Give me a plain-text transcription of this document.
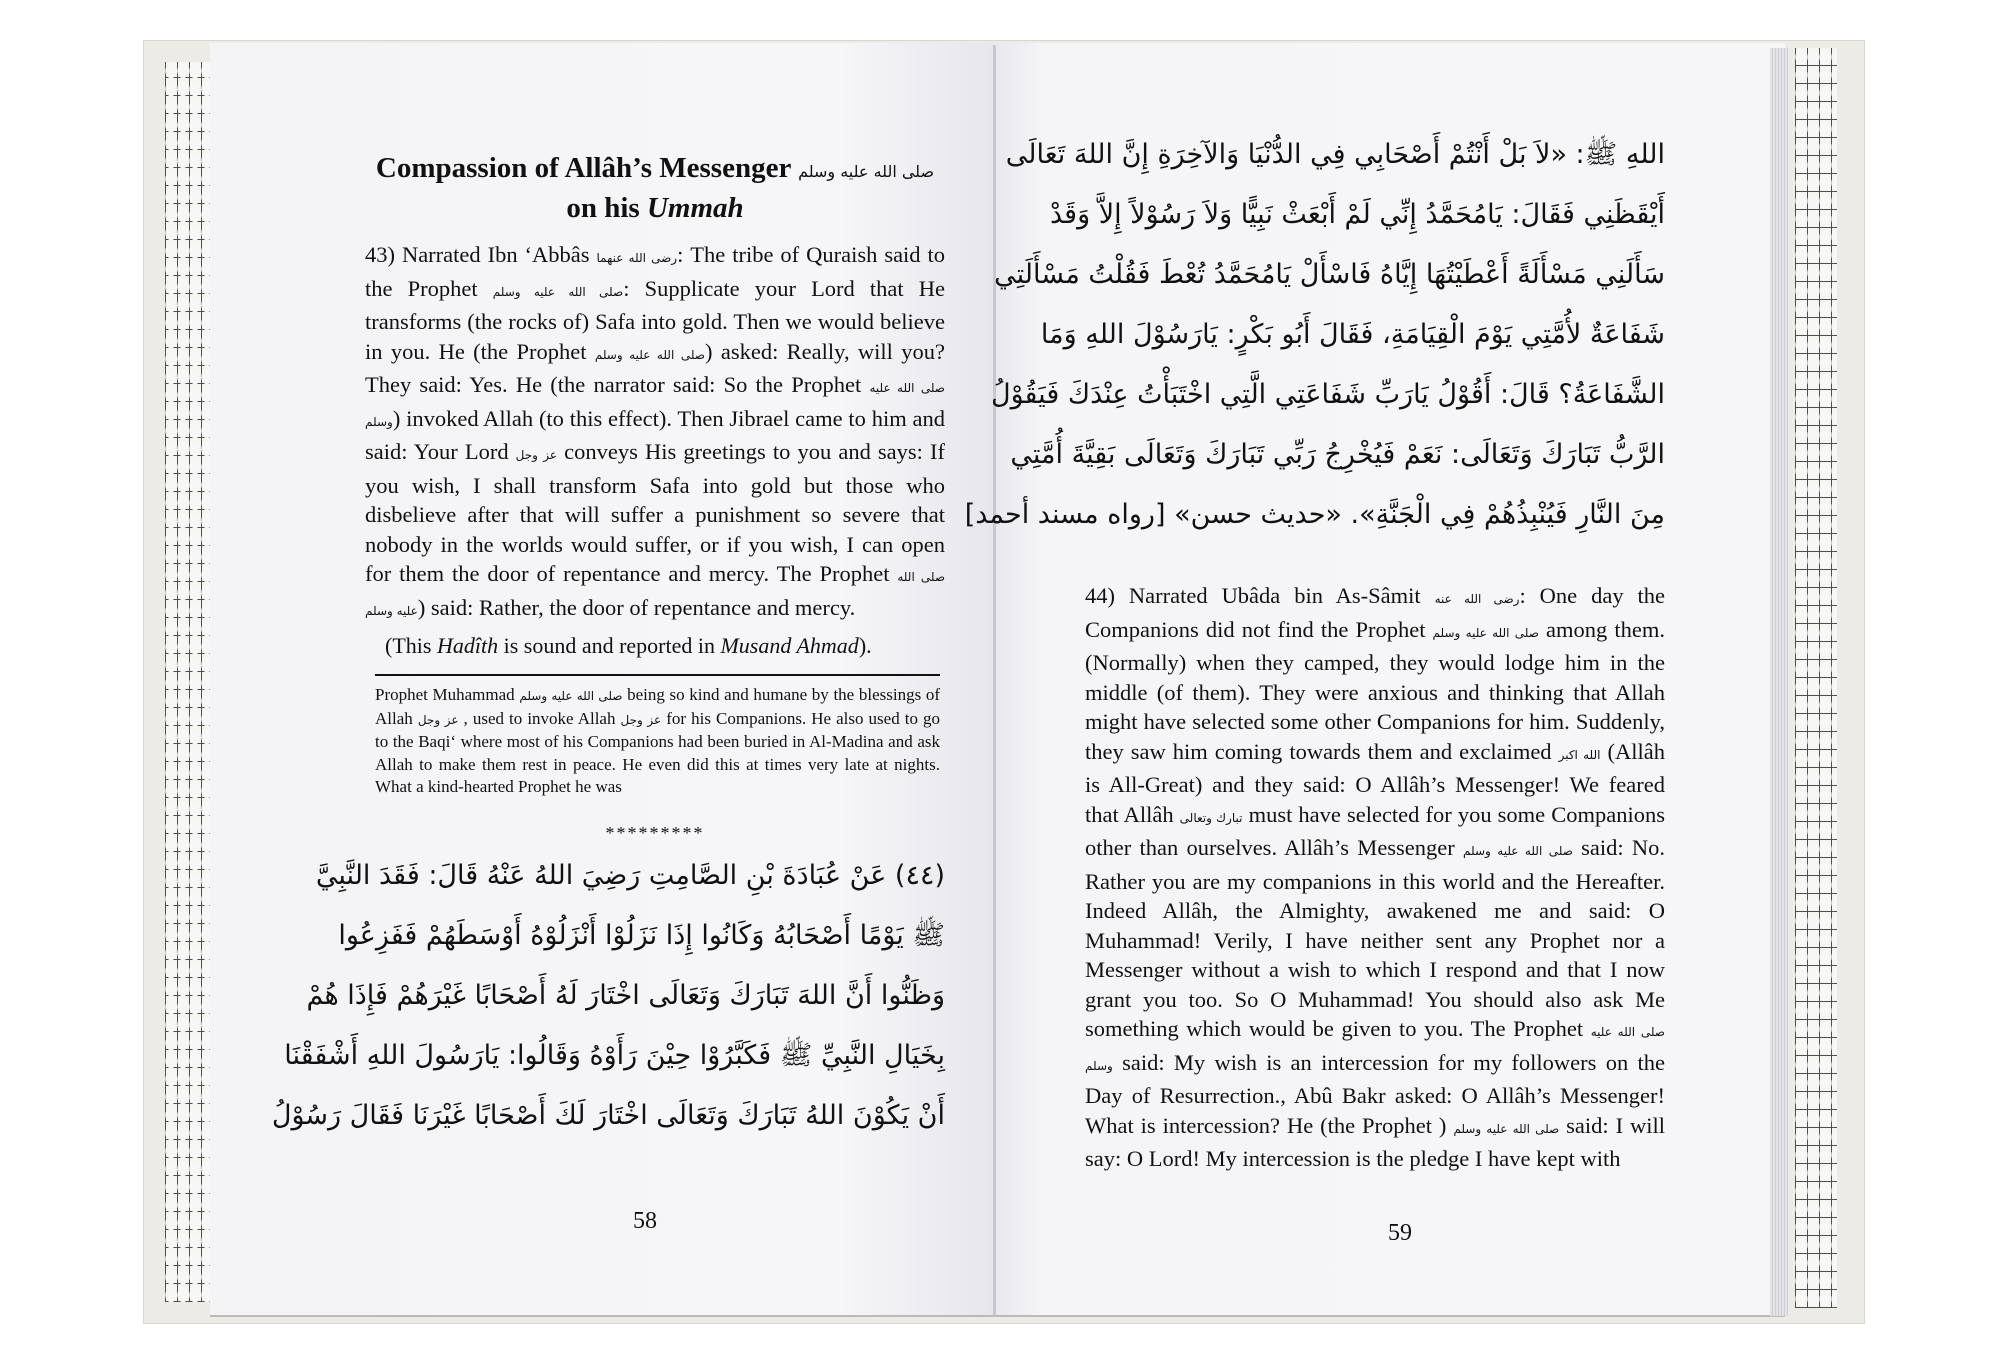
Compassion of Allâh’s Messenger صلى الله عليه وسلم
on his Ummah

43) Narrated Ibn ‘Abbâs رضى الله عنهما: The tribe of Quraish said to the Prophet صلى الله عليه وسلم: Supplicate your Lord that He transforms (the rocks of) Safa into gold. Then we would believe in you. He (the Prophet صلى الله عليه وسلم) asked: Really, will you? They said: Yes. He (the narrator said: So the Prophet صلى الله عليه وسلم) invoked Allah (to this effect). Then Jibrael came to him and said: Your Lord عز وجل conveys His greetings to you and says: If you wish, I shall transform Safa into gold but those who disbelieve after that will suffer a punishment so severe that nobody in the worlds would suffer, or if you wish, I can open for them the door of repentance and mercy. The Prophet صلى الله عليه وسلم) said: Rather, the door of repentance and mercy.

(This Hadîth is sound and reported in Musand Ahmad).

Prophet Muhammad صلى الله عليه وسلم being so kind and humane by the blessings of Allah عز وجل , used to invoke Allah عز وجل for his Companions. He also used to go to the Baqi‘ where most of his Companions had been buried in Al-Madina and ask Allah to make them rest in peace. He even did this at times very late at nights. What a kind-hearted Prophet he was

*********
(٤٤) عَنْ عُبَادَةَ بْنِ الصَّامِتِ رَضِيَ اللهُ عَنْهُ قَالَ: فَقَدَ النَّبِيَّ
ﷺ يَوْمًا أَصْحَابُهُ وَكَانُوا إِذَا نَزَلُوْا أَنْزَلُوْهُ أَوْسَطَهُمْ فَفَزِعُوا
وَظَنُّوا أَنَّ اللهَ تَبَارَكَ وَتَعَالَى اخْتَارَ لَهُ أَصْحَابًا غَيْرَهُمْ فَإِذَا هُمْ
بِخَيَالِ النَّبِيِّ ﷺ فَكَبَّرُوْا حِيْنَ رَأَوْهُ وَقَالُوا: يَارَسُولَ اللهِ أَشْفَقْنَا
أَنْ يَكُوْنَ اللهُ تَبَارَكَ وَتَعَالَى اخْتَارَ لَكَ أَصْحَابًا غَيْرَنَا فَقَالَ رَسُوْلُ
58
اللهِ ﷺ: «لاَ بَلْ أَنْتُمْ أَصْحَابِي فِي الدُّنْيَا وَالآخِرَةِ إِنَّ اللهَ تَعَالَى
أَيْقَظَنِي فَقَالَ: يَامُحَمَّدُ إِنِّي لَمْ أَبْعَثْ نَبِيًّا وَلاَ رَسُوْلاً إِلاَّ وَقَدْ
سَأَلَنِي مَسْأَلَةً أَعْطَيْتُهَا إِيَّاهُ فَاسْأَلْ يَامُحَمَّدُ تُعْطَ فَقُلْتُ مَسْأَلَتِي
شَفَاعَةٌ لأُمَّتِي يَوْمَ الْقِيَامَةِ، فَقَالَ أَبُو بَكْرٍ: يَارَسُوْلَ اللهِ وَمَا
الشَّفَاعَةُ؟ قَالَ: أَقُوْلُ يَارَبِّ شَفَاعَتِي الَّتِي اخْتَبَأْتُ عِنْدَكَ فَيَقُوْلُ
الرَّبُّ تَبَارَكَ وَتَعَالَى: نَعَمْ فَيُخْرِجُ رَبِّي تَبَارَكَ وَتَعَالَى بَقِيَّةَ أُمَّتِي
مِنَ النَّارِ فَيُنْبِذُهُمْ فِي الْجَنَّةِ». «حديث حسن» [رواه مسند أحمد]

44) Narrated Ubâda bin As-Sâmit رضى الله عنه: One day the Companions did not find the Prophet صلى الله عليه وسلم among them. (Normally) when they camped, they would lodge him in the middle (of them). They were anxious and thinking that Allah might have selected some other Companions for him. Suddenly, they saw him coming towards them and exclaimed الله اكبر (Allâh is All-Great) and they said: O Allâh’s Messenger! We feared that Allâh تبارك وتعالى must have selected for you some Companions other than ourselves. Allâh’s Messenger صلى الله عليه وسلم said: No. Rather you are my companions in this world and the Hereafter. Indeed Allâh, the Almighty, awakened me and said: O Muhammad! Verily, I have neither sent any Prophet nor a Messenger without a wish to which I respond and that I now grant you too. So O Muhammad! You should also ask Me something which would be given to you. The Prophet صلى الله عليه وسلم said: My wish is an intercession for my followers on the Day of Resurrection., Abû Bakr asked: O Allâh’s Messenger! What is intercession? He (the Prophet ) صلى الله عليه وسلم said: I will say: O Lord! My intercession is the pledge I have kept with

59
